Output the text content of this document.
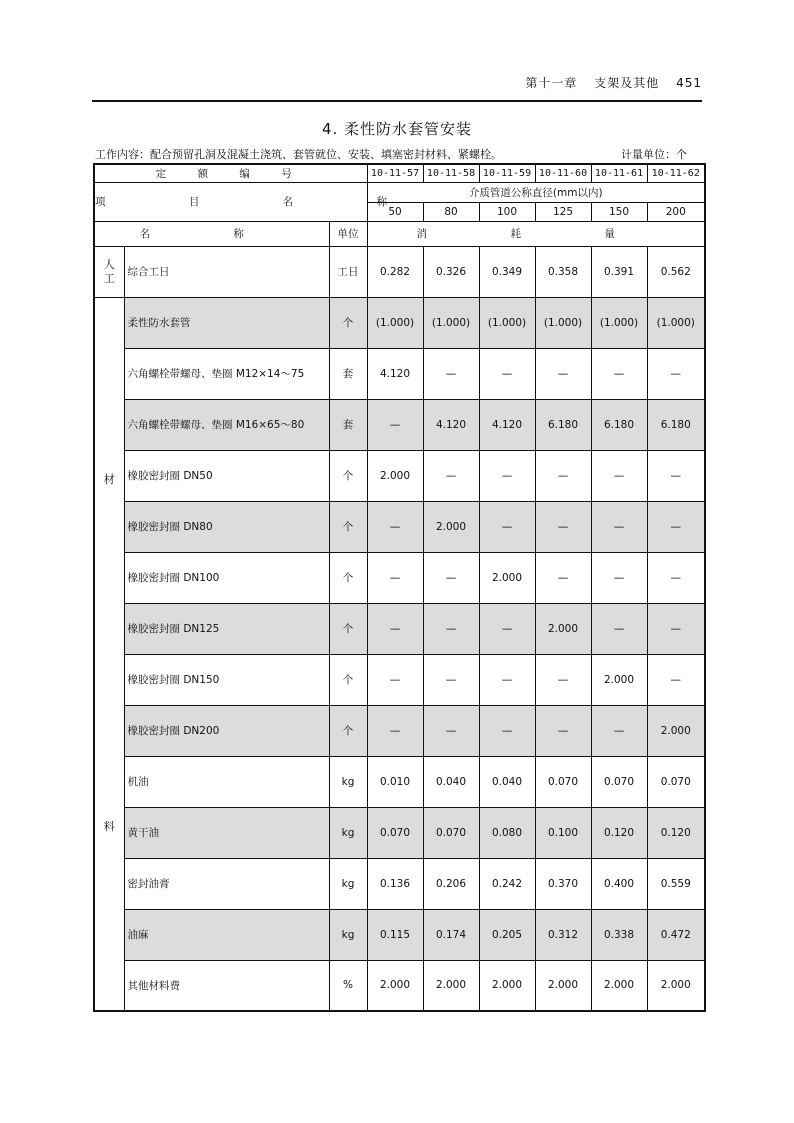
第十一章 支架及其他 451
4. 柔性防水套管安装
工作内容：配合预留孔洞及混凝土浇筑、套管就位、安装、填塞密封材料、紧螺栓。	计量单位：个
定 额 编 号			10-11-57	10-11-58	10-11-59	10-11-60	10-11-61	10-11-62
项 目 名 称			介质管道公称直径(mm以内)					
			50	80	100	125	150	200
名 称		单位	消 耗 量					
人工	综合工日	工日	0.282	0.326	0.349	0.358	0.391	0.562

材
料	柔性防水套管	个	(1.000)	(1.000)	(1.000)	(1.000)	(1.000)	(1.000)
	六角螺栓带螺母、垫圈 M12×14～75	套	4.120	—	—	—	—	—
	六角螺栓带螺母、垫圈 M16×65～80	套	—	4.120	4.120	6.180	6.180	6.180
	橡胶密封圈 DN50	个	2.000	—	—	—	—	—
	橡胶密封圈 DN80	个	—	2.000	—	—	—	—
	橡胶密封圈 DN100	个	—	—	2.000	—	—	—
	橡胶密封圈 DN125	个	—	—	—	2.000	—	—
	橡胶密封圈 DN150	个	—	—	—	—	2.000	—
	橡胶密封圈 DN200	个	—	—	—	—	—	2.000
	机油	kg	0.010	0.040	0.040	0.070	0.070	0.070
	黄干油	kg	0.070	0.070	0.080	0.100	0.120	0.120
	密封油膏	kg	0.136	0.206	0.242	0.370	0.400	0.559
	油麻	kg	0.115	0.174	0.205	0.312	0.338	0.472
	其他材料费	%	2.000	2.000	2.000	2.000	2.000	2.000
